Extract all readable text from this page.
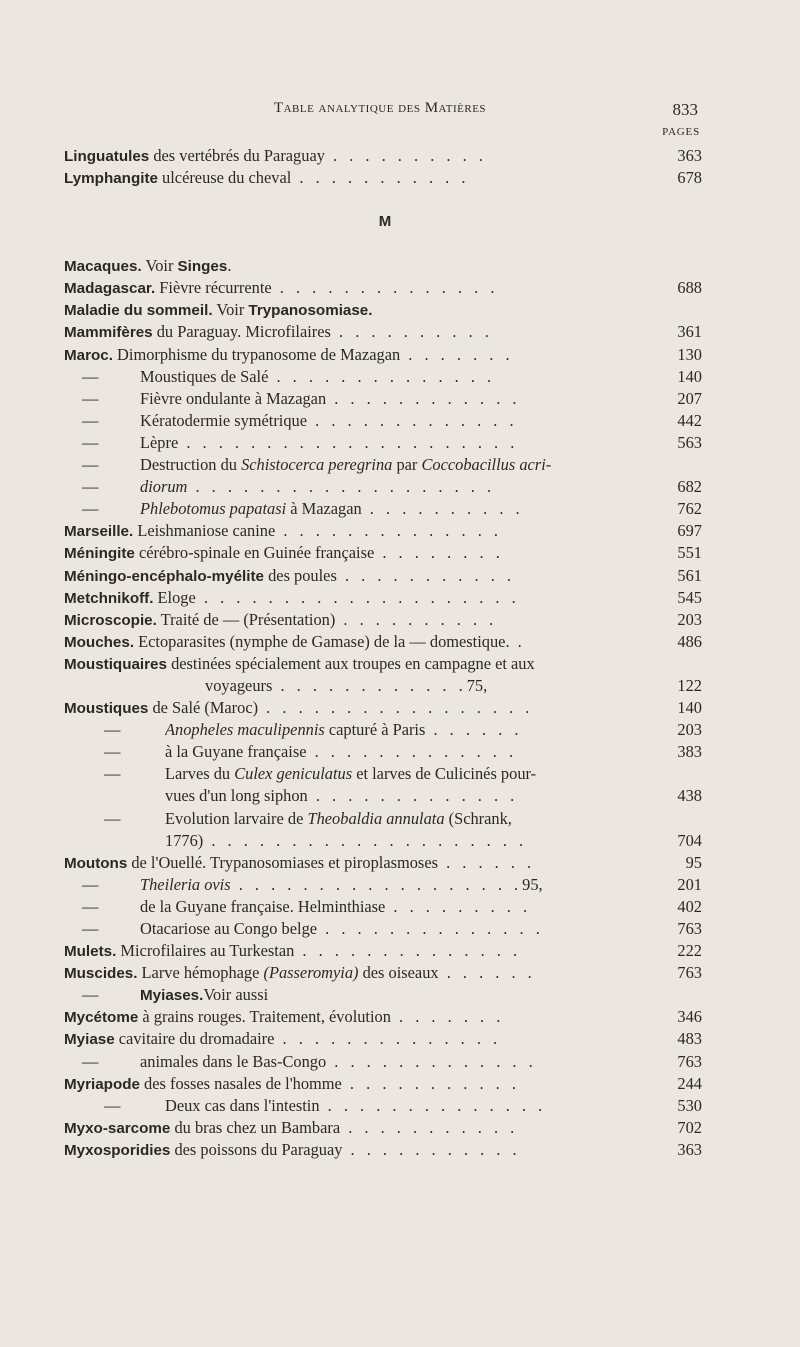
Table analytique des Matières	833
PAGES
Linguatules des vertébrés du Paraguay . . . . . . . . . .	363
Lymphangite ulcéreuse du cheval . . . . . . . . . . .	678
M
Macaques. Voir Singes.
Madagascar. Fièvre récurrente . . . . . . . . . . . . . .	688
Maladie du sommeil. Voir Trypanosomiase.
Mammifères du Paraguay. Microfilaires . . . . . . . . . .	361
Maroc. Dimorphisme du trypanosome de Mazagan . . . . . . .	130
—	Moustiques de Salé . . . . . . . . . . . . . .	140
—	Fièvre ondulante à Mazagan . . . . . . . . . . . .	207
—	Kératodermie symétrique . . . . . . . . . . . . .	442
—	Lèpre . . . . . . . . . . . . . . . . . . . . .	563
—	Destruction du Schistocerca peregrina par Coccobacillus acri-
—	diorum . . . . . . . . . . . . . . . . . . .	682
—	Phlebotomus papatasi à Mazagan . . . . . . . . . .	762
Marseille. Leishmaniose canine . . . . . . . . . . . . . .	697
Méningite cérébro-spinale en Guinée française . . . . . . . .	551
Méningo-encéphalo-myélite des poules . . . . . . . . . . .	561
Metchnikoff. Eloge . . . . . . . . . . . . . . . . . . . .	545
Microscopie. Traité de — (Présentation) . . . . . . . . . .	203
Mouches. Ectoparasites (nymphe de Gamase) de la — domestique. .	486
Moustiquaires destinées spécialement aux troupes en campagne et aux
voyageurs . . . . . . . . . . . .75,	122
Moustiques de Salé (Maroc) . . . . . . . . . . . . . . . . .	140
—	Anopheles maculipennis capturé à Paris . . . . . .	203
—	à la Guyane française . . . . . . . . . . . . .	383
—	Larves du Culex geniculatus et larves de Culicinés pour-
vues d'un long siphon . . . . . . . . . . . . .	438
—	Evolution larvaire de Theobaldia annulata (Schrank,
1776) . . . . . . . . . . . . . . . . . . . .	704
Moutons de l'Ouellé. Trypanosomiases et piroplasmoses . . . . . .	95
—	Theileria ovis . . . . . . . . . . . . . . . . . .95,	201
—	de la Guyane française. Helminthiase . . . . . . . . .	402
—	Otacariose au Congo belge . . . . . . . . . . . . . .	763
Mulets. Microfilaires au Turkestan . . . . . . . . . . . . . .	222
Muscides. Larve hémophage (Passeromyia) des oiseaux . . . . . .	763
—	Myiases.Voir aussi
Mycétome à grains rouges. Traitement, évolution . . . . . . .	346
Myiase cavitaire du dromadaire . . . . . . . . . . . . . .	483
—	animales dans le Bas-Congo . . . . . . . . . . . . .	763
Myriapode des fosses nasales de l'homme . . . . . . . . . . .	244
—	Deux cas dans l'intestin . . . . . . . . . . . . . .	530
Myxo-sarcome du bras chez un Bambara . . . . . . . . . . .	702
Myxosporidies des poissons du Paraguay . . . . . . . . . . .	363
